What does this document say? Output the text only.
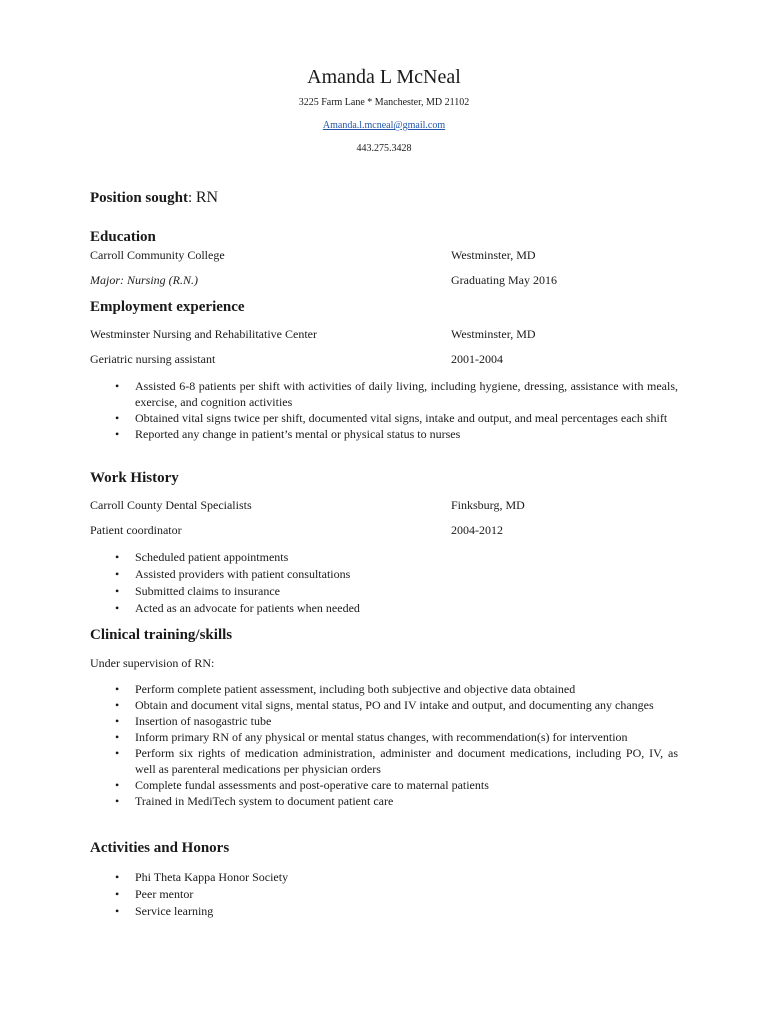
Amanda L McNeal
3225 Farm Lane * Manchester, MD 21102
Amanda.l.mcneal@gmail.com
443.275.3428
Position sought: RN
Education
Carroll Community College	Westminster, MD
Major: Nursing (R.N.)	Graduating May 2016
Employment experience
Westminster Nursing and Rehabilitative Center	Westminster, MD
Geriatric nursing assistant	2001-2004
• Assisted 6-8 patients per shift with activities of daily living, including hygiene, dressing, assistance with meals, exercise, and cognition activities
• Obtained vital signs twice per shift, documented vital signs, intake and output, and meal percentages each shift
• Reported any change in patient’s mental or physical status to nurses
Work History
Carroll County Dental Specialists	Finksburg, MD
Patient coordinator	2004-2012
• Scheduled patient appointments
• Assisted providers with patient consultations
• Submitted claims to insurance
• Acted as an advocate for patients when needed
Clinical training/skills
Under supervision of RN:
• Perform complete patient assessment, including both subjective and objective data obtained
• Obtain and document vital signs, mental status, PO and IV intake and output, and documenting any changes
• Insertion of nasogastric tube
• Inform primary RN of any physical or mental status changes, with recommendation(s) for intervention
• Perform six rights of medication administration, administer and document medications, including PO, IV, as well as parenteral medications per physician orders
• Complete fundal assessments and post-operative care to maternal patients
• Trained in MediTech system to document patient care
Activities and Honors
• Phi Theta Kappa Honor Society
• Peer mentor
• Service learning
